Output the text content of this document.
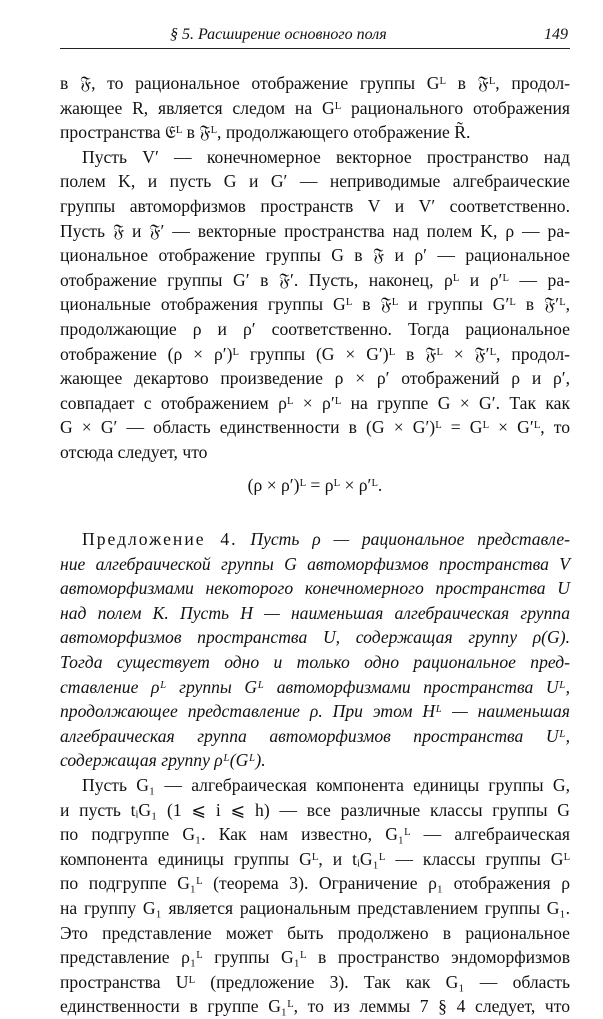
§ 5. Расширение основного поля	149

в 𝔉, то рациональное отображение группы Gᴸ в 𝔉ᴸ, продол-
жающее R, является следом на Gᴸ рационального отображения
пространства 𝔈ᴸ в 𝔉ᴸ, продолжающего отображение R̃.

Пусть V′ — конечномерное векторное пространство над
полем K, и пусть G и G′ — неприводимые алгебраические
группы автоморфизмов пространств V и V′ соответственно.
Пусть 𝔉 и 𝔉′ — векторные пространства над полем K, ρ — ра-
циональное отображение группы G в 𝔉 и ρ′ — рациональное
отображение группы G′ в 𝔉′. Пусть, наконец, ρᴸ и ρ′ᴸ — ра-
циональные отображения группы Gᴸ в 𝔉ᴸ и группы G′ᴸ в 𝔉′ᴸ,
продолжающие ρ и ρ′ соответственно. Тогда рациональное
отображение (ρ × ρ′)ᴸ группы (G × G′)ᴸ в 𝔉ᴸ × 𝔉′ᴸ, продол-
жающее декартово произведение ρ × ρ′ отображений ρ и ρ′,
совпадает с отображением ρᴸ × ρ′ᴸ на группе G × G′. Так как
G × G′ — область единственности в (G × G′)ᴸ = Gᴸ × G′ᴸ, то
отсюда следует, что

(ρ × ρ′)ᴸ = ρᴸ × ρ′ᴸ.

Предложение 4. Пусть ρ — рациональное представле-
ние алгебраической группы G автоморфизмов пространства V
автоморфизмами некоторого конечномерного пространства U
над полем K. Пусть H — наименьшая алгебраическая группа
автоморфизмов пространства U, содержащая группу ρ(G).
Тогда существует одно и только одно рациональное пред-
ставление ρᴸ группы Gᴸ автоморфизмами пространства Uᴸ,
продолжающее представление ρ. При этом Hᴸ — наименьшая
алгебраическая группа автоморфизмов пространства Uᴸ,
содержащая группу ρᴸ(Gᴸ).

Пусть G₁ — алгебраическая компонента единицы группы G,
и пусть tᵢG₁ (1 ⩽ i ⩽ h) — все различные классы группы G
по подгруппе G₁. Как нам известно, G₁ᴸ — алгебраическая
компонента единицы группы Gᴸ, и tᵢG₁ᴸ — классы группы Gᴸ
по подгруппе G₁ᴸ (теорема 3). Ограничение ρ₁ отображения ρ
на группу G₁ является рациональным представлением группы G₁.
Это представление может быть продолжено в рациональное
представление ρ₁ᴸ группы G₁ᴸ в пространство эндоморфизмов
пространства Uᴸ (предложение 3). Так как G₁ — область
единственности в группе G₁ᴸ, то из леммы 7 § 4 следует, что
